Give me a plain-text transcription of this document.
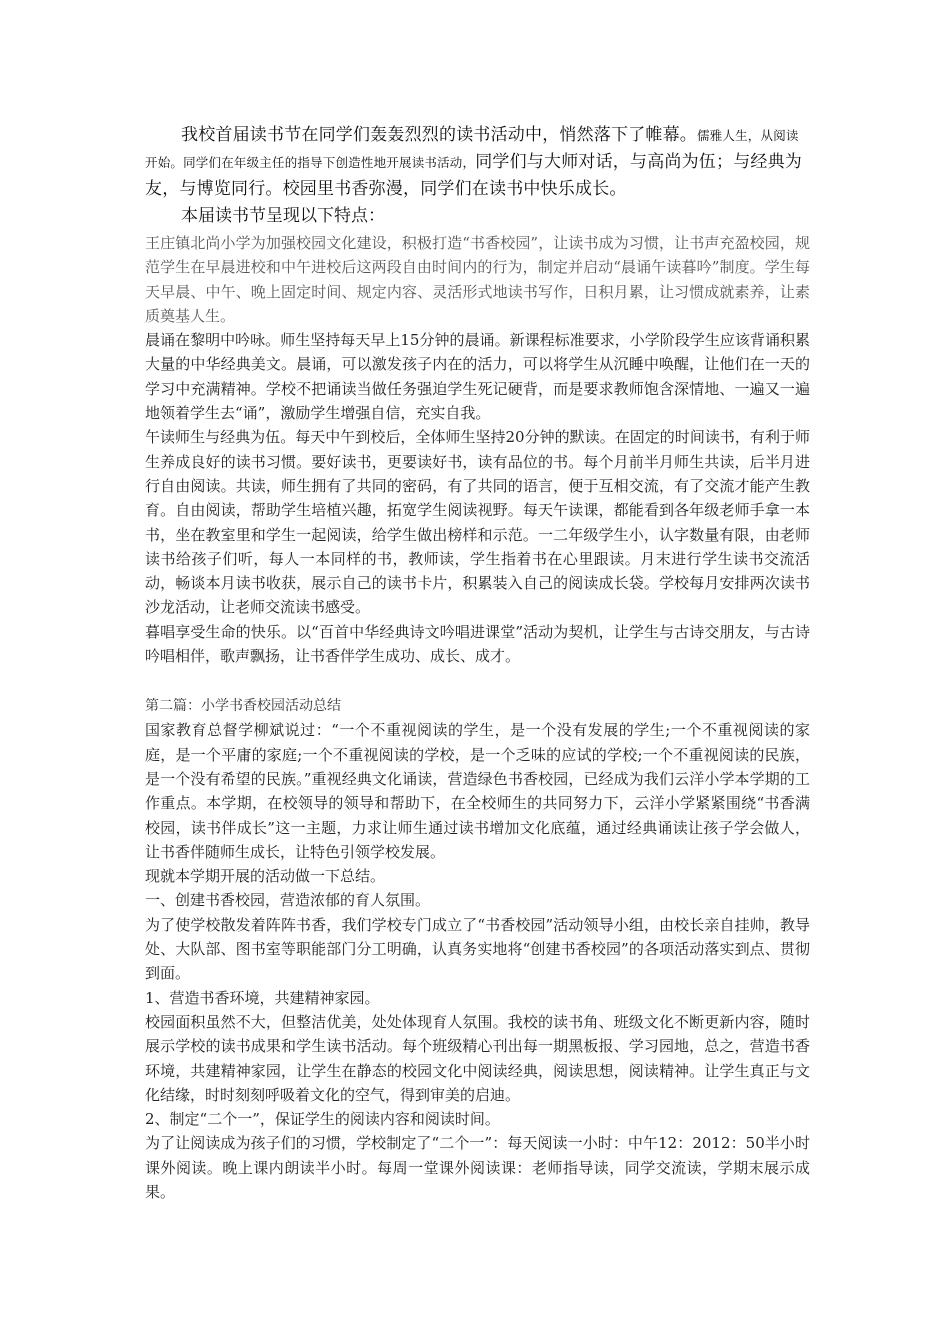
我校首届读书节在同学们轰轰烈烈的读书活动中，悄然落下了帷幕。儒雅人生，从阅读开始。同学们在年级主任的指导下创造性地开展读书活动，同学们与大师对话，与高尚为伍；与经典为友，与博览同行。校园里书香弥漫，同学们在读书中快乐成长。

本届读书节呈现以下特点：

王庄镇北尚小学为加强校园文化建设，积极打造“书香校园”，让读书成为习惯，让书声充盈校园，规范学生在早晨进校和中午进校后这两段自由时间内的行为，制定并启动“晨诵午读暮吟”制度。学生每天早晨、中午、晚上固定时间、规定内容、灵活形式地读书写作，日积月累，让习惯成就素养，让素质奠基人生。

晨诵在黎明中吟咏。师生坚持每天早上15分钟的晨诵。新课程标准要求，小学阶段学生应该背诵积累大量的中华经典美文。晨诵，可以激发孩子内在的活力，可以将学生从沉睡中唤醒，让他们在一天的学习中充满精神。学校不把诵读当做任务强迫学生死记硬背，而是要求教师饱含深情地、一遍又一遍地领着学生去“诵”，激励学生增强自信，充实自我。

午读师生与经典为伍。每天中午到校后，全体师生坚持20分钟的默读。在固定的时间读书，有利于师生养成良好的读书习惯。要好读书，更要读好书，读有品位的书。每个月前半月师生共读，后半月进行自由阅读。共读，师生拥有了共同的密码，有了共同的语言，便于互相交流，有了交流才能产生教育。自由阅读，帮助学生培植兴趣，拓宽学生阅读视野。每天午读课，都能看到各年级老师手拿一本书，坐在教室里和学生一起阅读，给学生做出榜样和示范。一二年级学生小，认字数量有限，由老师读书给孩子们听，每人一本同样的书，教师读，学生指着书在心里跟读。月末进行学生读书交流活动，畅谈本月读书收获，展示自己的读书卡片，积累装入自己的阅读成长袋。学校每月安排两次读书沙龙活动，让老师交流读书感受。

暮唱享受生命的快乐。以“百首中华经典诗文吟唱进课堂”活动为契机，让学生与古诗交朋友，与古诗吟唱相伴，歌声飘扬，让书香伴学生成功、成长、成才。

第二篇：小学书香校园活动总结

国家教育总督学柳斌说过：“一个不重视阅读的学生，是一个没有发展的学生;一个不重视阅读的家庭，是一个平庸的家庭;一个不重视阅读的学校，是一个乏味的应试的学校;一个不重视阅读的民族，是一个没有希望的民族。”重视经典文化诵读，营造绿色书香校园，已经成为我们云洋小学本学期的工作重点。本学期，在校领导的领导和帮助下，在全校师生的共同努力下，云洋小学紧紧围绕“书香满校园，读书伴成长”这一主题，力求让师生通过读书增加文化底蕴，通过经典诵读让孩子学会做人，让书香伴随师生成长，让特色引领学校发展。

现就本学期开展的活动做一下总结。

一、创建书香校园，营造浓郁的育人氛围。

为了使学校散发着阵阵书香，我们学校专门成立了“书香校园”活动领导小组，由校长亲自挂帅，教导处、大队部、图书室等职能部门分工明确，认真务实地将“创建书香校园”的各项活动落实到点、贯彻到面。

1、营造书香环境，共建精神家园。

校园面积虽然不大，但整洁优美，处处体现育人氛围。我校的读书角、班级文化不断更新内容，随时展示学校的读书成果和学生读书活动。每个班级精心刊出每一期黑板报、学习园地，总之，营造书香环境，共建精神家园，让学生在静态的校园文化中阅读经典，阅读思想，阅读精神。让学生真正与文化结缘，时时刻刻呼吸着文化的空气，得到审美的启迪。

2、制定“二个一”，保证学生的阅读内容和阅读时间。

为了让阅读成为孩子们的习惯，学校制定了“二个一”：每天阅读一小时：中午12：2012：50半小时课外阅读。晚上课内朗读半小时。每周一堂课外阅读课：老师指导读，同学交流读，学期末展示成果。
